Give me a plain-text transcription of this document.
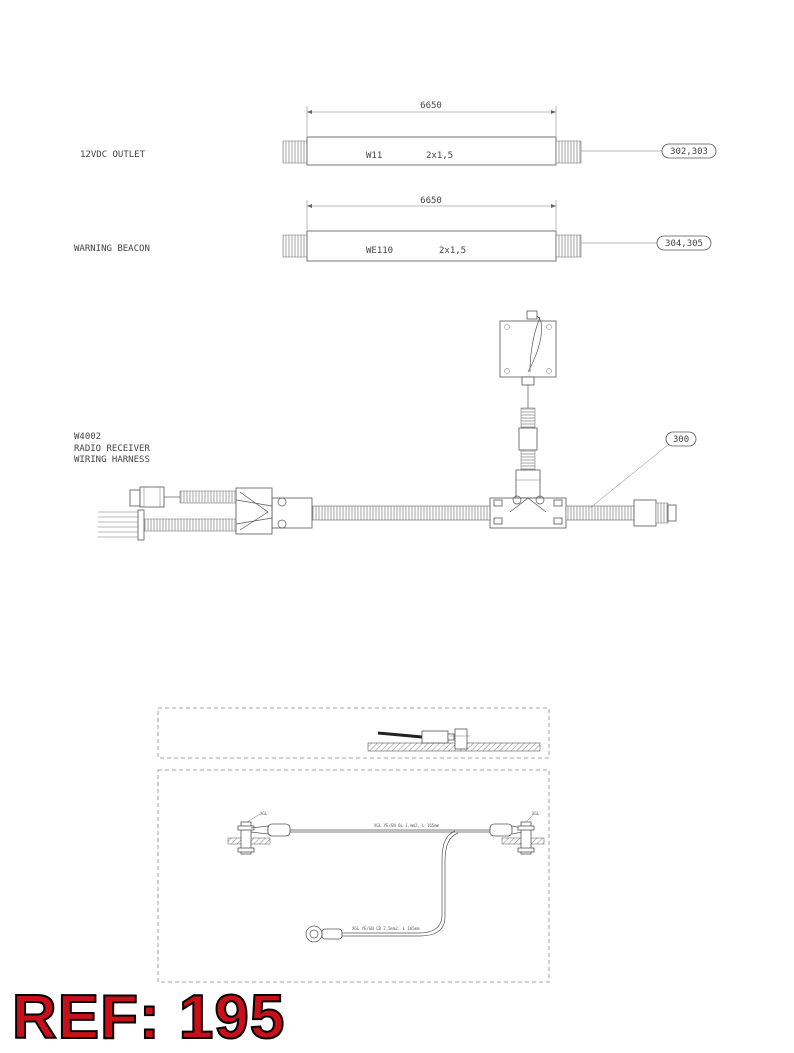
6650
12VDC OUTLET	W11	2x1,5	302,303
6650
WARNING BEACON	WE110	2x1,5
304,305
W4002
RADIO RECEIVER
WIRING HARNESS
300
XGL
XGL YE/GN 6L 1,mm2, L 165mm
XGL
XGL YE/GN CB 2,5mm2, L 165mm

REF: 195
